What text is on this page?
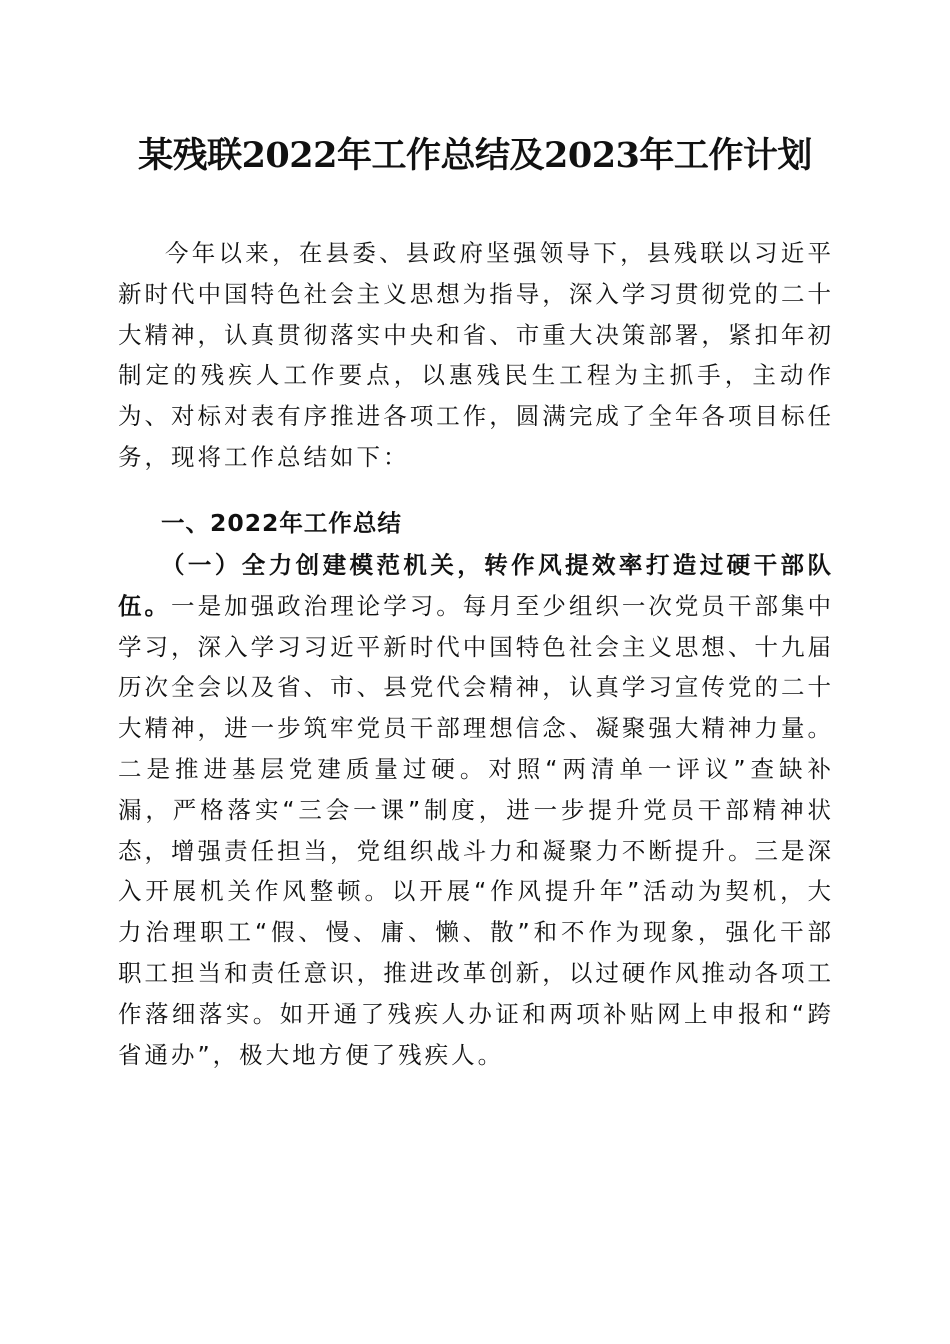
某残联2022年工作总结及2023年工作计划

今年以来，在县委、县政府坚强领导下，县残联以习近平新时代中国特色社会主义思想为指导，深入学习贯彻党的二十大精神，认真贯彻落实中央和省、市重大决策部署，紧扣年初制定的残疾人工作要点，以惠残民生工程为主抓手，主动作为、对标对表有序推进各项工作，圆满完成了全年各项目标任务，现将工作总结如下：

一、2022年工作总结

（一）全力创建模范机关，转作风提效率打造过硬干部队伍。一是加强政治理论学习。每月至少组织一次党员干部集中学习，深入学习习近平新时代中国特色社会主义思想、十九届历次全会以及省、市、县党代会精神，认真学习宣传党的二十大精神，进一步筑牢党员干部理想信念、凝聚强大精神力量。二是推进基层党建质量过硬。对照“两清单一评议”查缺补漏，严格落实“三会一课”制度，进一步提升党员干部精神状态，增强责任担当，党组织战斗力和凝聚力不断提升。三是深入开展机关作风整顿。以开展“作风提升年”活动为契机，大力治理职工“假、慢、庸、懒、散”和不作为现象，强化干部职工担当和责任意识，推进改革创新，以过硬作风推动各项工作落细落实。如开通了残疾人办证和两项补贴网上申报和“跨省通办”，极大地方便了残疾人。
